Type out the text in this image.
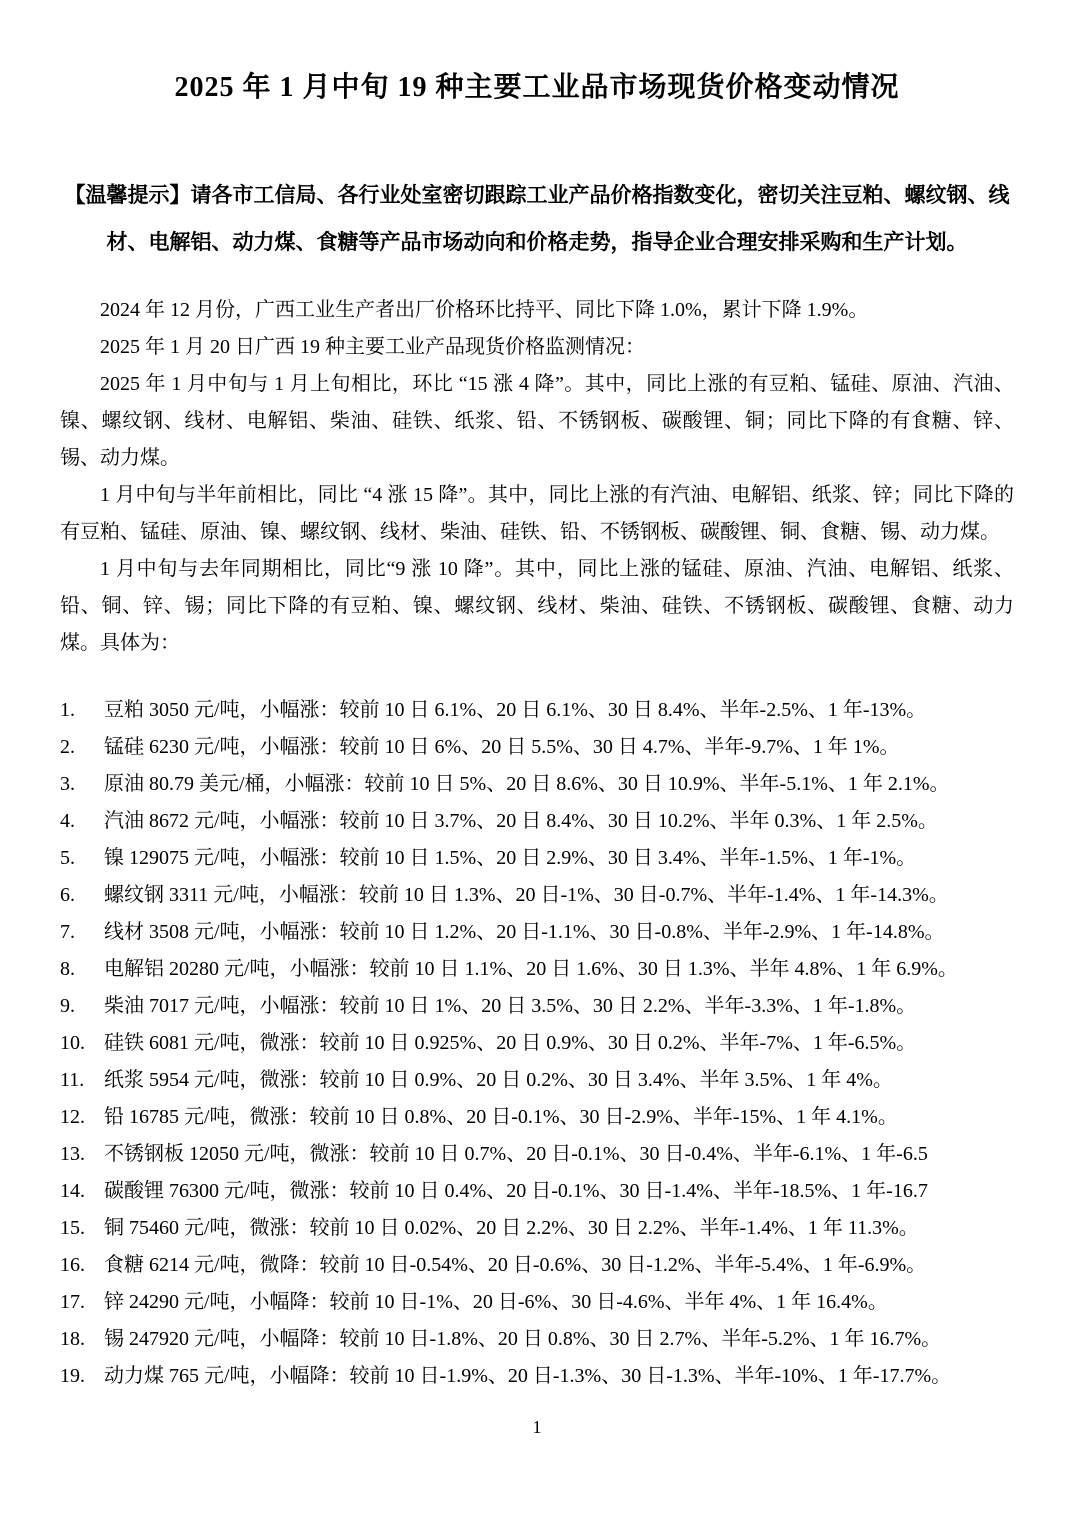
2025 年 1 月中旬 19 种主要工业品市场现货价格变动情况
【温馨提示】请各市工信局、各行业处室密切跟踪工业产品价格指数变化，密切关注豆粕、螺纹钢、线材、电解铝、动力煤、食糖等产品市场动向和价格走势，指导企业合理安排采购和生产计划。

2024 年 12 月份，广西工业生产者出厂价格环比持平、同比下降 1.0%，累计下降 1.9%。

2025 年 1 月 20 日广西 19 种主要工业产品现货价格监测情况：

2025 年 1 月中旬与 1 月上旬相比，环比 “15 涨 4 降”。其中，同比上涨的有豆粕、锰硅、原油、汽油、镍、螺纹钢、线材、电解铝、柴油、硅铁、纸浆、铅、不锈钢板、碳酸锂、铜；同比下降的有食糖、锌、锡、动力煤。

1 月中旬与半年前相比，同比 “4 涨 15 降”。其中，同比上涨的有汽油、电解铝、纸浆、锌；同比下降的有豆粕、锰硅、原油、镍、螺纹钢、线材、柴油、硅铁、铅、不锈钢板、碳酸锂、铜、食糖、锡、动力煤。

1 月中旬与去年同期相比，同比“9 涨 10 降”。其中，同比上涨的锰硅、原油、汽油、电解铝、纸浆、铅、铜、锌、锡；同比下降的有豆粕、镍、螺纹钢、线材、柴油、硅铁、不锈钢板、碳酸锂、食糖、动力煤。具体为：

1. 豆粕 3050 元/吨，小幅涨：较前 10 日 6.1%、20 日 6.1%、30 日 8.4%、半年-2.5%、1 年-13%。
2. 锰硅 6230 元/吨，小幅涨：较前 10 日 6%、20 日 5.5%、30 日 4.7%、半年-9.7%、1 年 1%。
3. 原油 80.79 美元/桶，小幅涨：较前 10 日 5%、20 日 8.6%、30 日 10.9%、半年-5.1%、1 年 2.1%。
4. 汽油 8672 元/吨，小幅涨：较前 10 日 3.7%、20 日 8.4%、30 日 10.2%、半年 0.3%、1 年 2.5%。
5. 镍 129075 元/吨，小幅涨：较前 10 日 1.5%、20 日 2.9%、30 日 3.4%、半年-1.5%、1 年-1%。
6. 螺纹钢 3311 元/吨，小幅涨：较前 10 日 1.3%、20 日-1%、30 日-0.7%、半年-1.4%、1 年-14.3%。
7. 线材 3508 元/吨，小幅涨：较前 10 日 1.2%、20 日-1.1%、30 日-0.8%、半年-2.9%、1 年-14.8%。
8. 电解铝 20280 元/吨，小幅涨：较前 10 日 1.1%、20 日 1.6%、30 日 1.3%、半年 4.8%、1 年 6.9%。
9. 柴油 7017 元/吨，小幅涨：较前 10 日 1%、20 日 3.5%、30 日 2.2%、半年-3.3%、1 年-1.8%。
10. 硅铁 6081 元/吨，微涨：较前 10 日 0.925%、20 日 0.9%、30 日 0.2%、半年-7%、1 年-6.5%。
11. 纸浆 5954 元/吨，微涨：较前 10 日 0.9%、20 日 0.2%、30 日 3.4%、半年 3.5%、1 年 4%。
12. 铅 16785 元/吨，微涨：较前 10 日 0.8%、20 日-0.1%、30 日-2.9%、半年-15%、1 年 4.1%。
13. 不锈钢板 12050 元/吨，微涨：较前 10 日 0.7%、20 日-0.1%、30 日-0.4%、半年-6.1%、1 年-6.5
14. 碳酸锂 76300 元/吨，微涨：较前 10 日 0.4%、20 日-0.1%、30 日-1.4%、半年-18.5%、1 年-16.7
15. 铜 75460 元/吨，微涨：较前 10 日 0.02%、20 日 2.2%、30 日 2.2%、半年-1.4%、1 年 11.3%。
16. 食糖 6214 元/吨，微降：较前 10 日-0.54%、20 日-0.6%、30 日-1.2%、半年-5.4%、1 年-6.9%。
17. 锌 24290 元/吨，小幅降：较前 10 日-1%、20 日-6%、30 日-4.6%、半年 4%、1 年 16.4%。
18. 锡 247920 元/吨，小幅降：较前 10 日-1.8%、20 日 0.8%、30 日 2.7%、半年-5.2%、1 年 16.7%。
19. 动力煤 765 元/吨，小幅降：较前 10 日-1.9%、20 日-1.3%、30 日-1.3%、半年-10%、1 年-17.7%。
1
